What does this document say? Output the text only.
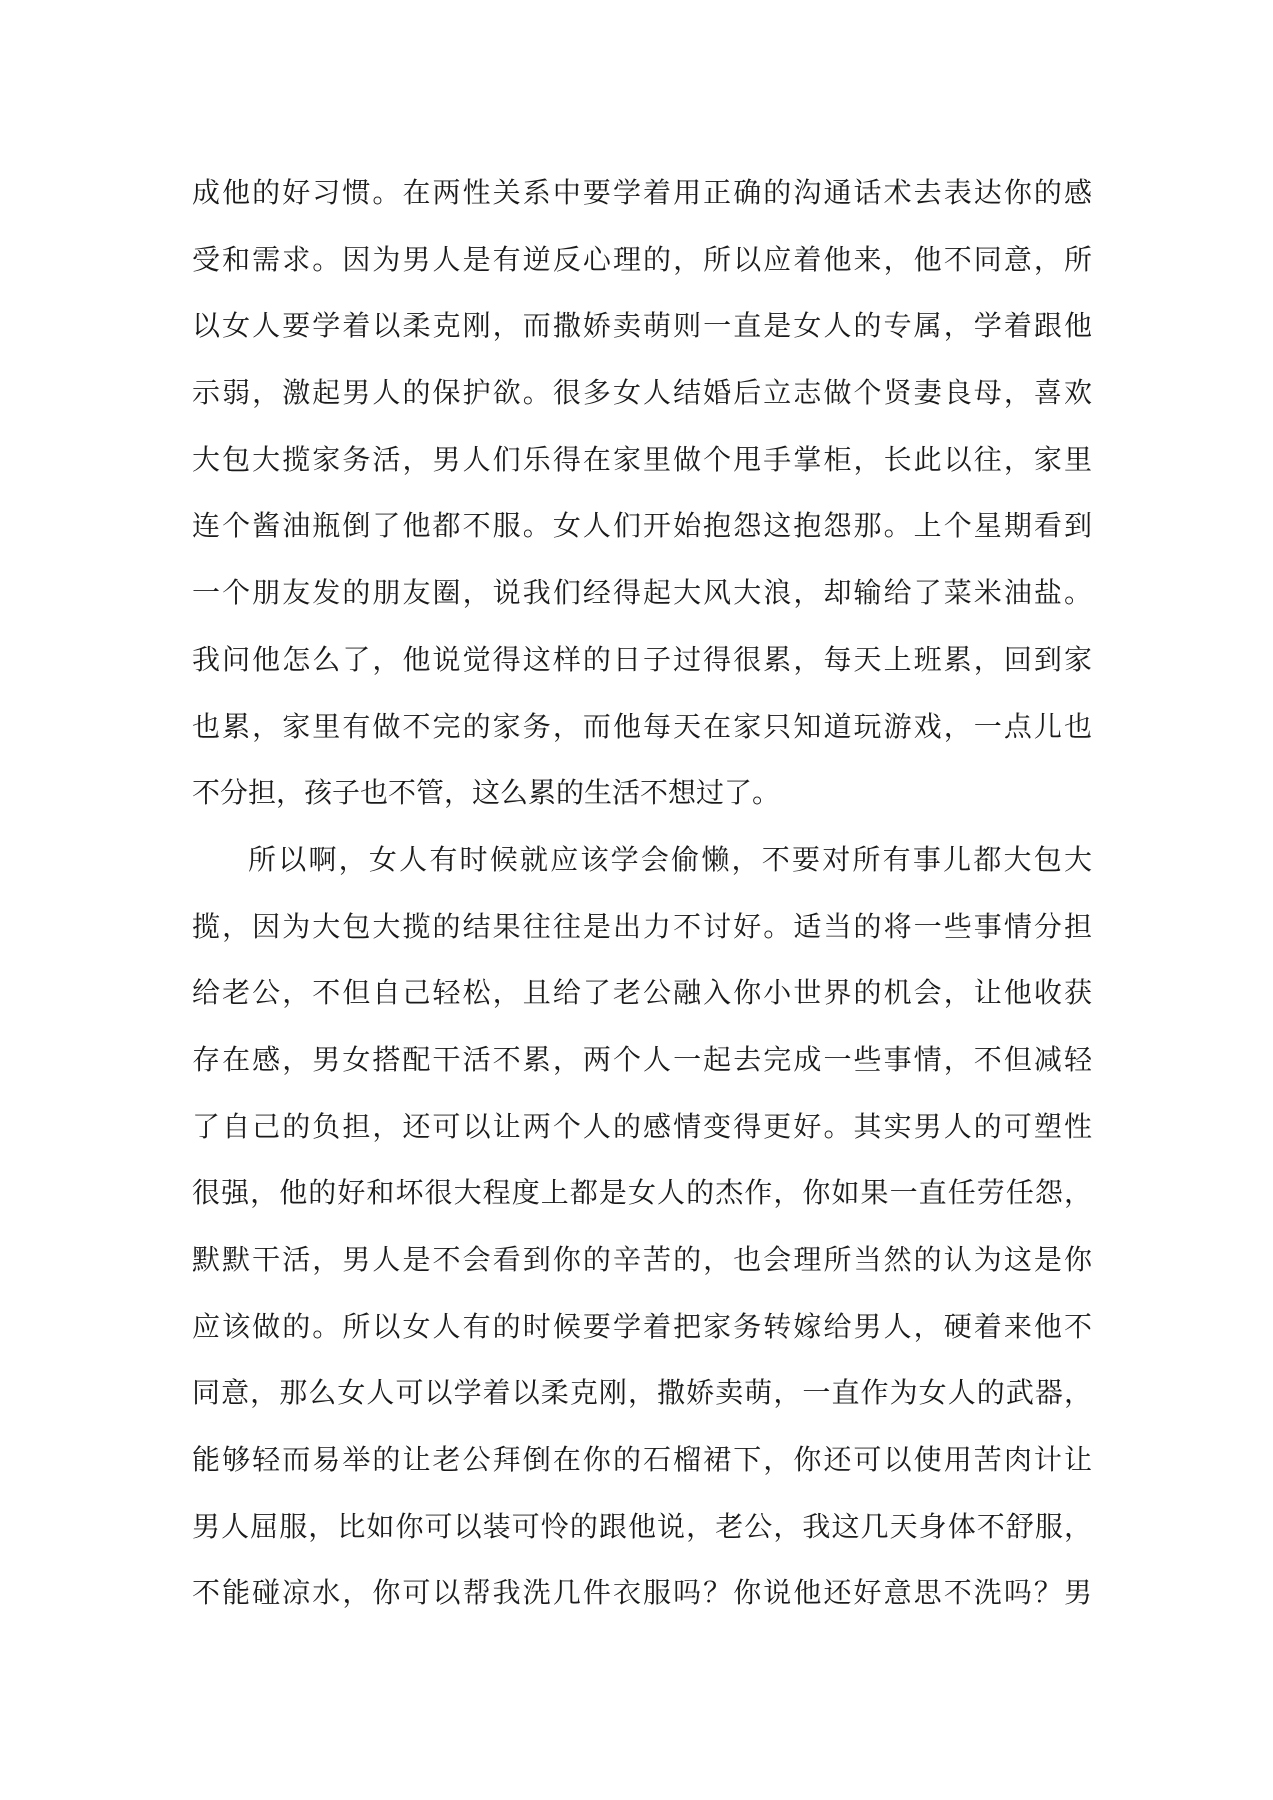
成他的好习惯。在两性关系中要学着用正确的沟通话术去表达你的感
受和需求。因为男人是有逆反心理的，所以应着他来，他不同意，所
以女人要学着以柔克刚，而撒娇卖萌则一直是女人的专属，学着跟他
示弱，激起男人的保护欲。很多女人结婚后立志做个贤妻良母，喜欢
大包大揽家务活，男人们乐得在家里做个甩手掌柜，长此以往，家里
连个酱油瓶倒了他都不服。女人们开始抱怨这抱怨那。上个星期看到
一个朋友发的朋友圈，说我们经得起大风大浪，却输给了菜米油盐。
我问他怎么了，他说觉得这样的日子过得很累，每天上班累，回到家
也累，家里有做不完的家务，而他每天在家只知道玩游戏，一点儿也
不分担，孩子也不管，这么累的生活不想过了。
所以啊，女人有时候就应该学会偷懒，不要对所有事儿都大包大
揽，因为大包大揽的结果往往是出力不讨好。适当的将一些事情分担
给老公，不但自己轻松，且给了老公融入你小世界的机会，让他收获
存在感，男女搭配干活不累，两个人一起去完成一些事情，不但减轻
了自己的负担，还可以让两个人的感情变得更好。其实男人的可塑性
很强，他的好和坏很大程度上都是女人的杰作，你如果一直任劳任怨，
默默干活，男人是不会看到你的辛苦的，也会理所当然的认为这是你
应该做的。所以女人有的时候要学着把家务转嫁给男人，硬着来他不
同意，那么女人可以学着以柔克刚，撒娇卖萌，一直作为女人的武器，
能够轻而易举的让老公拜倒在你的石榴裙下，你还可以使用苦肉计让
男人屈服，比如你可以装可怜的跟他说，老公，我这几天身体不舒服，
不能碰凉水，你可以帮我洗几件衣服吗？你说他还好意思不洗吗？男
